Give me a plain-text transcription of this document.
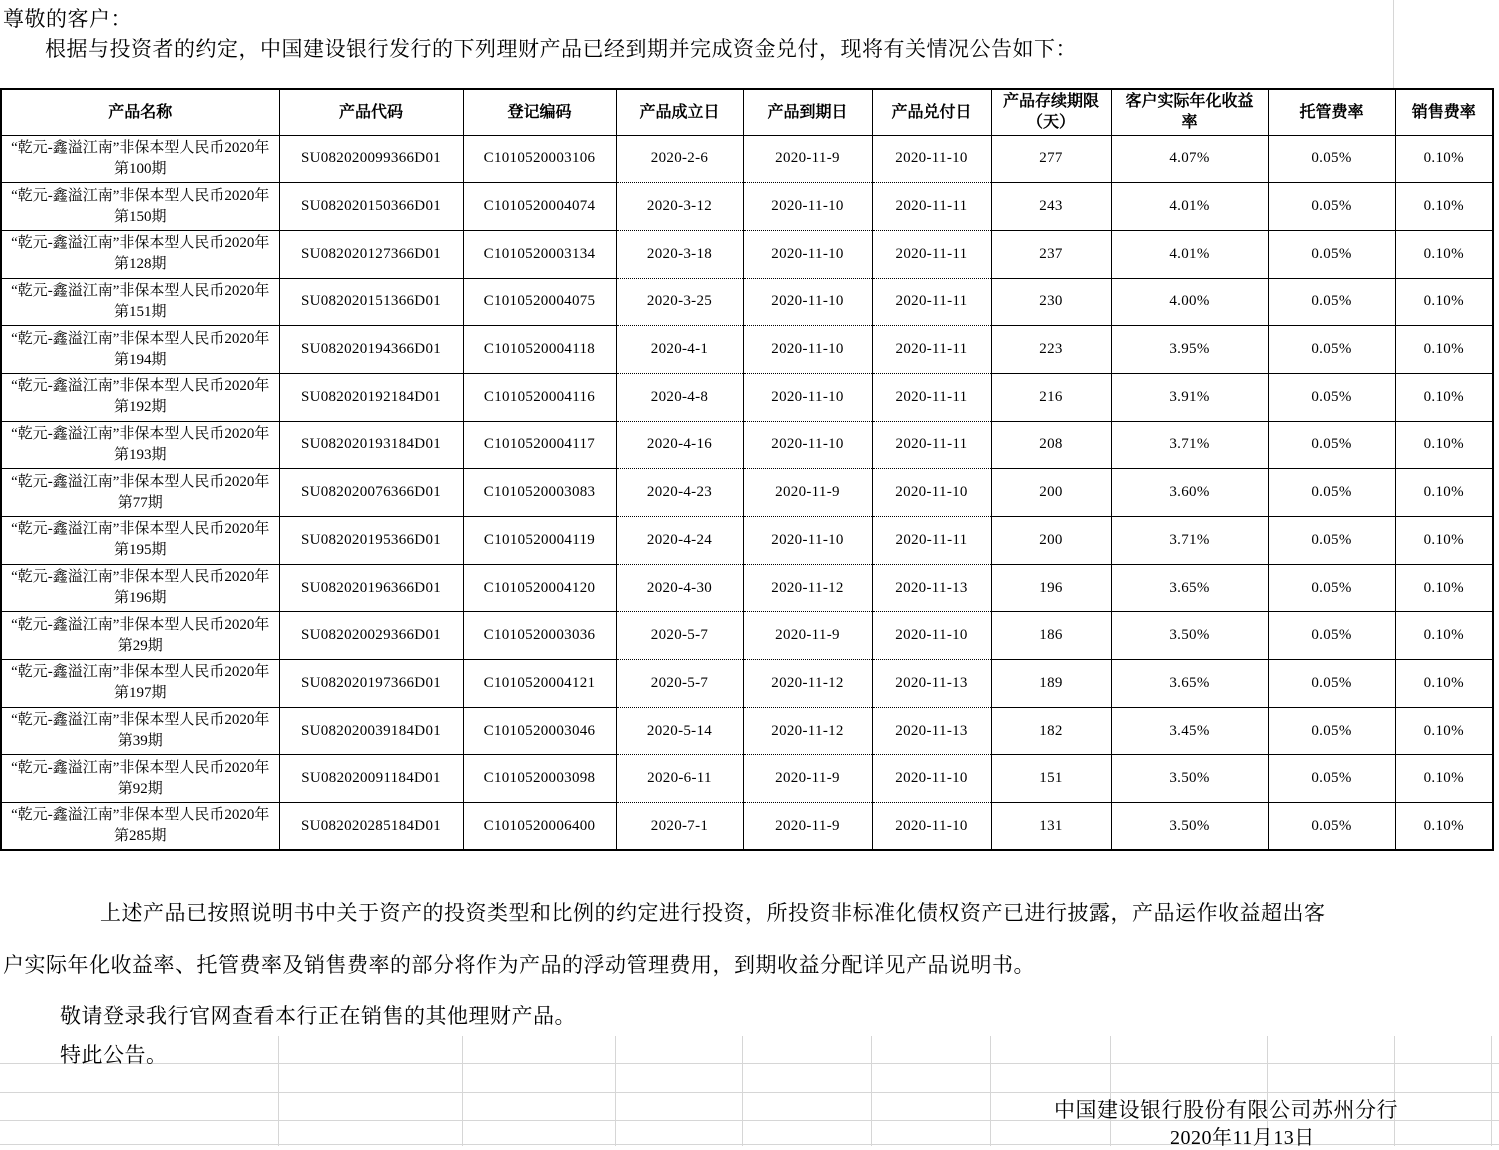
尊敬的客户：
根据与投资者的约定，中国建设银行发行的下列理财产品已经到期并完成资金兑付，现将有关情况公告如下：
产品名称	产品代码	登记编码	产品成立日	产品到期日	产品兑付日	产品存续期限（天）	客户实际年化收益率	托管费率	销售费率
“乾元-鑫溢江南”非保本型人民币2020年第100期	SU082020099366D01	C1010520003106	2020-2-6	2020-11-9	2020-11-10	277	4.07%	0.05%	0.10%
“乾元-鑫溢江南”非保本型人民币2020年第150期	SU082020150366D01	C1010520004074	2020-3-12	2020-11-10	2020-11-11	243	4.01%	0.05%	0.10%
“乾元-鑫溢江南”非保本型人民币2020年第128期	SU082020127366D01	C1010520003134	2020-3-18	2020-11-10	2020-11-11	237	4.01%	0.05%	0.10%
“乾元-鑫溢江南”非保本型人民币2020年第151期	SU082020151366D01	C1010520004075	2020-3-25	2020-11-10	2020-11-11	230	4.00%	0.05%	0.10%
“乾元-鑫溢江南”非保本型人民币2020年第194期	SU082020194366D01	C1010520004118	2020-4-1	2020-11-10	2020-11-11	223	3.95%	0.05%	0.10%
“乾元-鑫溢江南”非保本型人民币2020年第192期	SU082020192184D01	C1010520004116	2020-4-8	2020-11-10	2020-11-11	216	3.91%	0.05%	0.10%
“乾元-鑫溢江南”非保本型人民币2020年第193期	SU082020193184D01	C1010520004117	2020-4-16	2020-11-10	2020-11-11	208	3.71%	0.05%	0.10%
“乾元-鑫溢江南”非保本型人民币2020年第77期	SU082020076366D01	C1010520003083	2020-4-23	2020-11-9	2020-11-10	200	3.60%	0.05%	0.10%
“乾元-鑫溢江南”非保本型人民币2020年第195期	SU082020195366D01	C1010520004119	2020-4-24	2020-11-10	2020-11-11	200	3.71%	0.05%	0.10%
“乾元-鑫溢江南”非保本型人民币2020年第196期	SU082020196366D01	C1010520004120	2020-4-30	2020-11-12	2020-11-13	196	3.65%	0.05%	0.10%
“乾元-鑫溢江南”非保本型人民币2020年第29期	SU082020029366D01	C1010520003036	2020-5-7	2020-11-9	2020-11-10	186	3.50%	0.05%	0.10%
“乾元-鑫溢江南”非保本型人民币2020年第197期	SU082020197366D01	C1010520004121	2020-5-7	2020-11-12	2020-11-13	189	3.65%	0.05%	0.10%
“乾元-鑫溢江南”非保本型人民币2020年第39期	SU082020039184D01	C1010520003046	2020-5-14	2020-11-12	2020-11-13	182	3.45%	0.05%	0.10%
“乾元-鑫溢江南”非保本型人民币2020年第92期	SU082020091184D01	C1010520003098	2020-6-11	2020-11-9	2020-11-10	151	3.50%	0.05%	0.10%
“乾元-鑫溢江南”非保本型人民币2020年第285期	SU082020285184D01	C1010520006400	2020-7-1	2020-11-9	2020-11-10	131	3.50%	0.05%	0.10%
上述产品已按照说明书中关于资产的投资类型和比例的约定进行投资，所投资非标准化债权资产已进行披露，产品运作收益超出客
户实际年化收益率、托管费率及销售费率的部分将作为产品的浮动管理费用，到期收益分配详见产品说明书。
敬请登录我行官网查看本行正在销售的其他理财产品。
特此公告。
中国建设银行股份有限公司苏州分行
2020年11月13日
